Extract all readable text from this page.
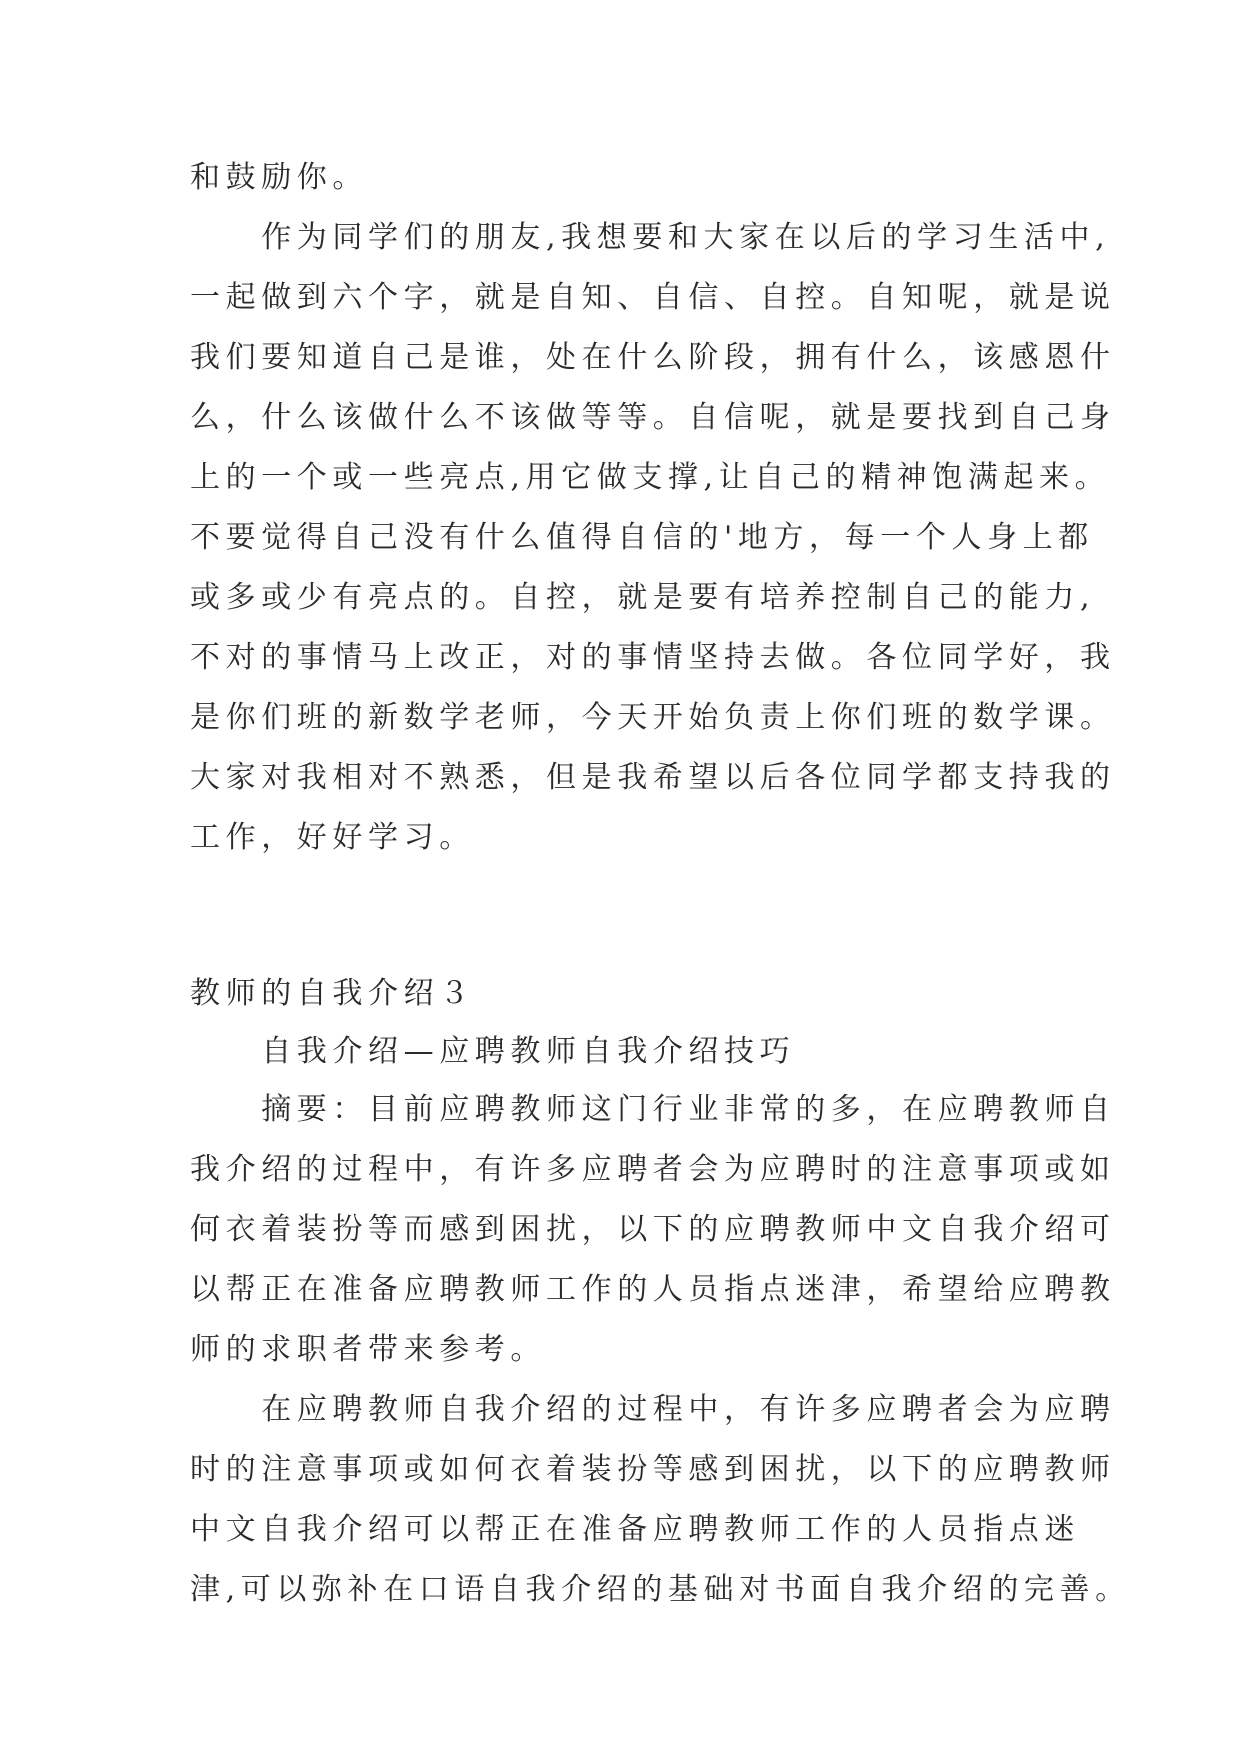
和鼓励你。
　　作为同学们的朋友,我想要和大家在以后的学习生活中,
一起做到六个字，就是自知、自信、自控。自知呢，就是说
我们要知道自己是谁，处在什么阶段，拥有什么，该感恩什
么，什么该做什么不该做等等。自信呢，就是要找到自己身
上的一个或一些亮点,用它做支撑,让自己的精神饱满起来。
不要觉得自己没有什么值得自信的'地方，每一个人身上都
或多或少有亮点的。自控，就是要有培养控制自己的能力,
不对的事情马上改正，对的事情坚持去做。各位同学好，我
是你们班的新数学老师，今天开始负责上你们班的数学课。
大家对我相对不熟悉，但是我希望以后各位同学都支持我的
工作，好好学习。
教师的自我介绍３
　　自我介绍—应聘教师自我介绍技巧
　　摘要：目前应聘教师这门行业非常的多，在应聘教师自
我介绍的过程中，有许多应聘者会为应聘时的注意事项或如
何衣着装扮等而感到困扰，以下的应聘教师中文自我介绍可
以帮正在准备应聘教师工作的人员指点迷津，希望给应聘教
师的求职者带来参考。
　　在应聘教师自我介绍的过程中，有许多应聘者会为应聘
时的注意事项或如何衣着装扮等感到困扰，以下的应聘教师
中文自我介绍可以帮正在准备应聘教师工作的人员指点迷
津,可以弥补在口语自我介绍的基础对书面自我介绍的完善。
